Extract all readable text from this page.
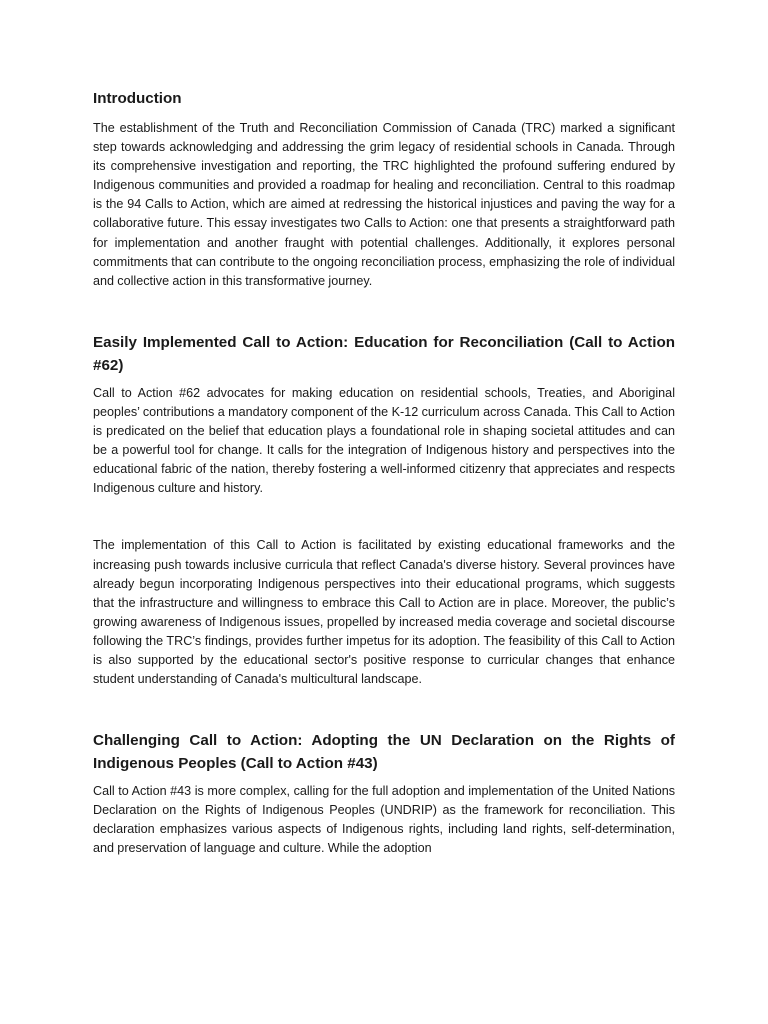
Introduction

The establishment of the Truth and Reconciliation Commission of Canada (TRC) marked a significant step towards acknowledging and addressing the grim legacy of residential schools in Canada. Through its comprehensive investigation and reporting, the TRC highlighted the profound suffering endured by Indigenous communities and provided a roadmap for healing and reconciliation. Central to this roadmap is the 94 Calls to Action, which are aimed at redressing the historical injustices and paving the way for a collaborative future. This essay investigates two Calls to Action: one that presents a straightforward path for implementation and another fraught with potential challenges. Additionally, it explores personal commitments that can contribute to the ongoing reconciliation process, emphasizing the role of individual and collective action in this transformative journey.

Easily Implemented Call to Action: Education for Reconciliation (Call to Action #62)

Call to Action #62 advocates for making education on residential schools, Treaties, and Aboriginal peoples’ contributions a mandatory component of the K-12 curriculum across Canada. This Call to Action is predicated on the belief that education plays a foundational role in shaping societal attitudes and can be a powerful tool for change. It calls for the integration of Indigenous history and perspectives into the educational fabric of the nation, thereby fostering a well-informed citizenry that appreciates and respects Indigenous culture and history.

The implementation of this Call to Action is facilitated by existing educational frameworks and the increasing push towards inclusive curricula that reflect Canada's diverse history. Several provinces have already begun incorporating Indigenous perspectives into their educational programs, which suggests that the infrastructure and willingness to embrace this Call to Action are in place. Moreover, the public’s growing awareness of Indigenous issues, propelled by increased media coverage and societal discourse following the TRC’s findings, provides further impetus for its adoption. The feasibility of this Call to Action is also supported by the educational sector's positive response to curricular changes that enhance student understanding of Canada's multicultural landscape.

Challenging Call to Action: Adopting the UN Declaration on the Rights of Indigenous Peoples (Call to Action #43)

Call to Action #43 is more complex, calling for the full adoption and implementation of the United Nations Declaration on the Rights of Indigenous Peoples (UNDRIP) as the framework for reconciliation. This declaration emphasizes various aspects of Indigenous rights, including land rights, self-determination, and preservation of language and culture. While the adoption
